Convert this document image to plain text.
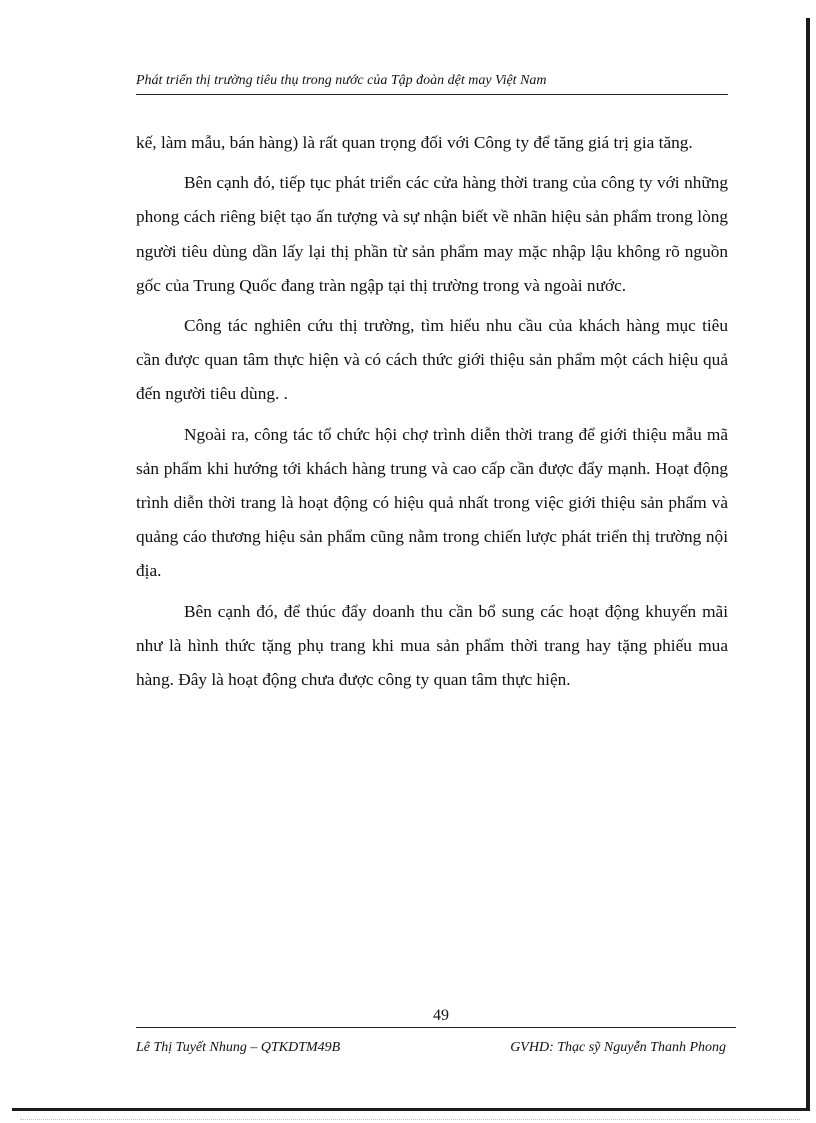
Phát triển thị trường tiêu thụ trong nước của Tập đoàn dệt may Việt Nam

kế, làm mẫu, bán hàng) là rất quan trọng đối với Công ty để tăng giá trị gia tăng.

Bên cạnh đó, tiếp tục phát triển các cửa hàng thời trang của công ty với những phong cách riêng biệt tạo ấn tượng và sự nhận biết về nhãn hiệu sản phẩm trong lòng người tiêu dùng dần lấy lại thị phần từ sản phẩm may mặc nhập lậu không rõ nguồn gốc của Trung Quốc đang tràn ngập tại thị trường trong và ngoài nước.

Công tác nghiên cứu thị trường, tìm hiểu nhu cầu của khách hàng mục tiêu cần được quan tâm thực hiện và có cách thức giới thiệu sản phẩm một cách hiệu quả đến người tiêu dùng. .

Ngoài ra, công tác tổ chức hội chợ trình diễn thời trang để giới thiệu mẫu mã sản phẩm khi hướng tới khách hàng trung và cao cấp cần được đẩy mạnh. Hoạt động trình diễn thời trang là hoạt động có hiệu quả nhất trong việc giới thiệu sản phẩm và quảng cáo thương hiệu sản phẩm cũng nằm trong chiến lược phát triển thị trường nội địa.

Bên cạnh đó, để thúc đẩy doanh thu cần bổ sung các hoạt động khuyến mãi như là hình thức tặng phụ trang khi mua sản phẩm thời trang hay tặng phiếu mua hàng. Đây là hoạt động chưa được công ty quan tâm thực hiện.

49
Lê Thị Tuyết Nhung – QTKDTM49B	GVHD: Thạc sỹ Nguyễn Thanh Phong
